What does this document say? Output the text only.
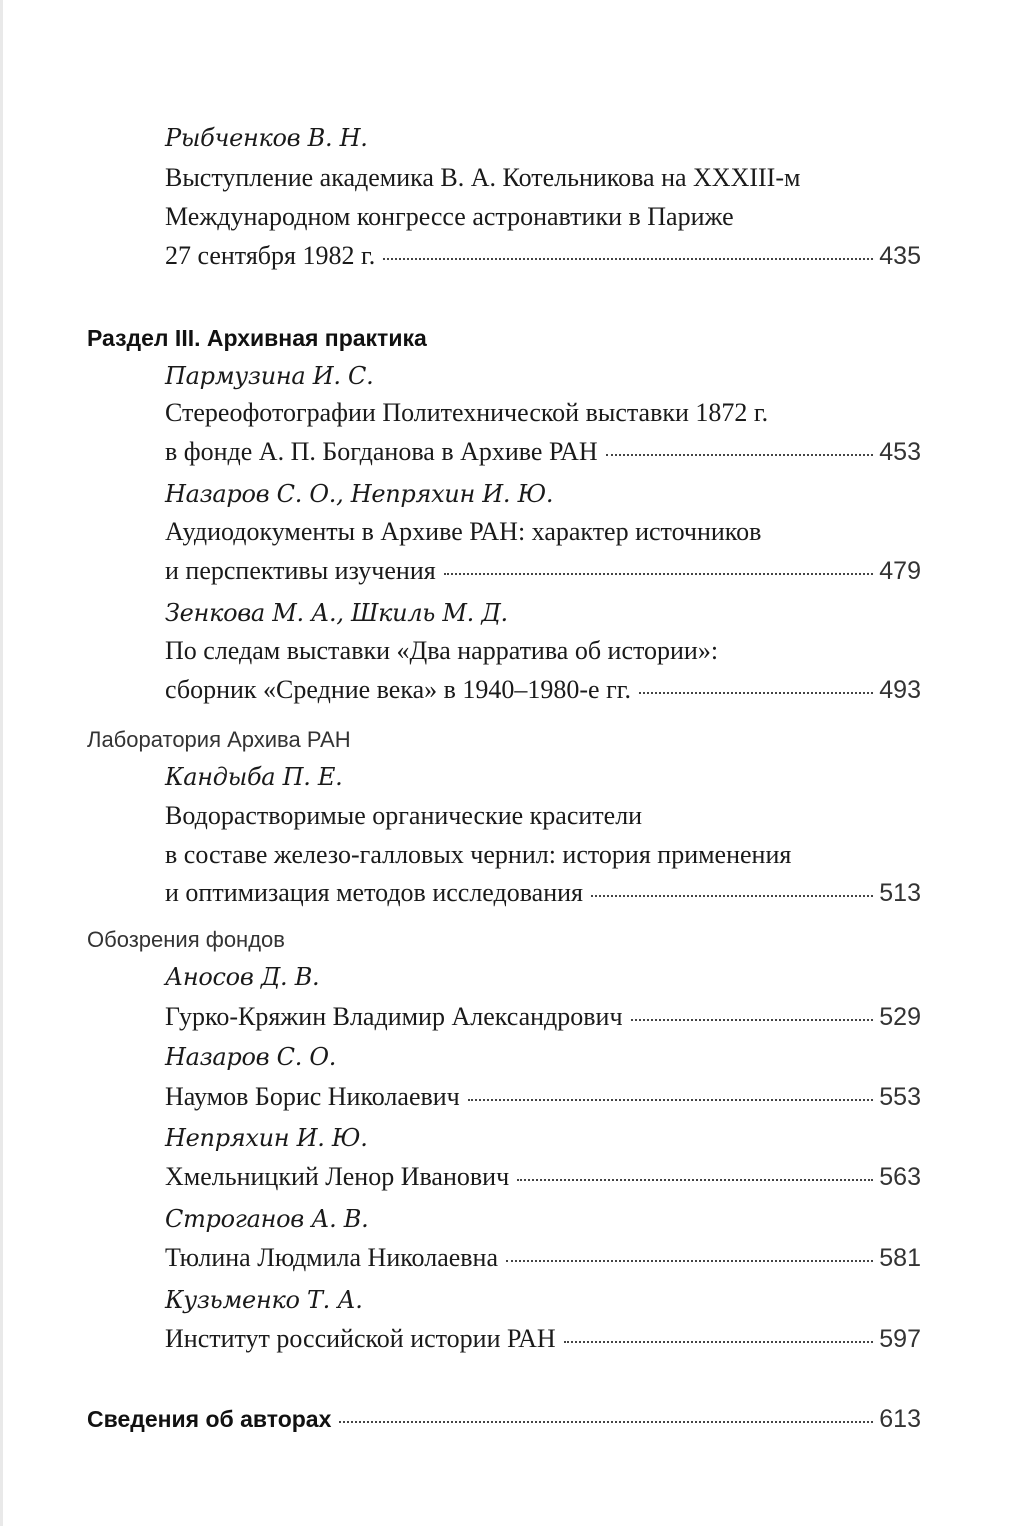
Рыбченков В. Н.
Выступление академика В. А. Котельникова на XXXIII-м
Международном конгрессе астронавтики в Париже
27 сентября 1982 г.	435
Раздел III. Архивная практика
Пармузина И. С.
Стереофотографии Политехнической выставки 1872 г.
в фонде А. П. Богданова в Архиве РАН	453
Назаров С. О., Непряхин И. Ю.
Аудиодокументы в Архиве РАН: характер источников
и перспективы изучения	479
Зенкова М. А., Шкиль М. Д.
По следам выставки «Два нарратива об истории»:
сборник «Средние века» в 1940–1980-е гг.	493
Лаборатория Архива РАН
Кандыба П. Е.
Водорастворимые органические красители
в составе железо-галловых чернил: история применения
и оптимизация методов исследования	513
Обозрения фондов
Аносов Д. В.
Гурко-Кряжин Владимир Александрович	529
Назаров С. О.
Наумов Борис Николаевич	553
Непряхин И. Ю.
Хмельницкий Ленор Иванович	563
Строганов А. В.
Тюлина Людмила Николаевна	581
Кузьменко Т. А.
Институт российской истории РАН	597
Сведения об авторах	613
